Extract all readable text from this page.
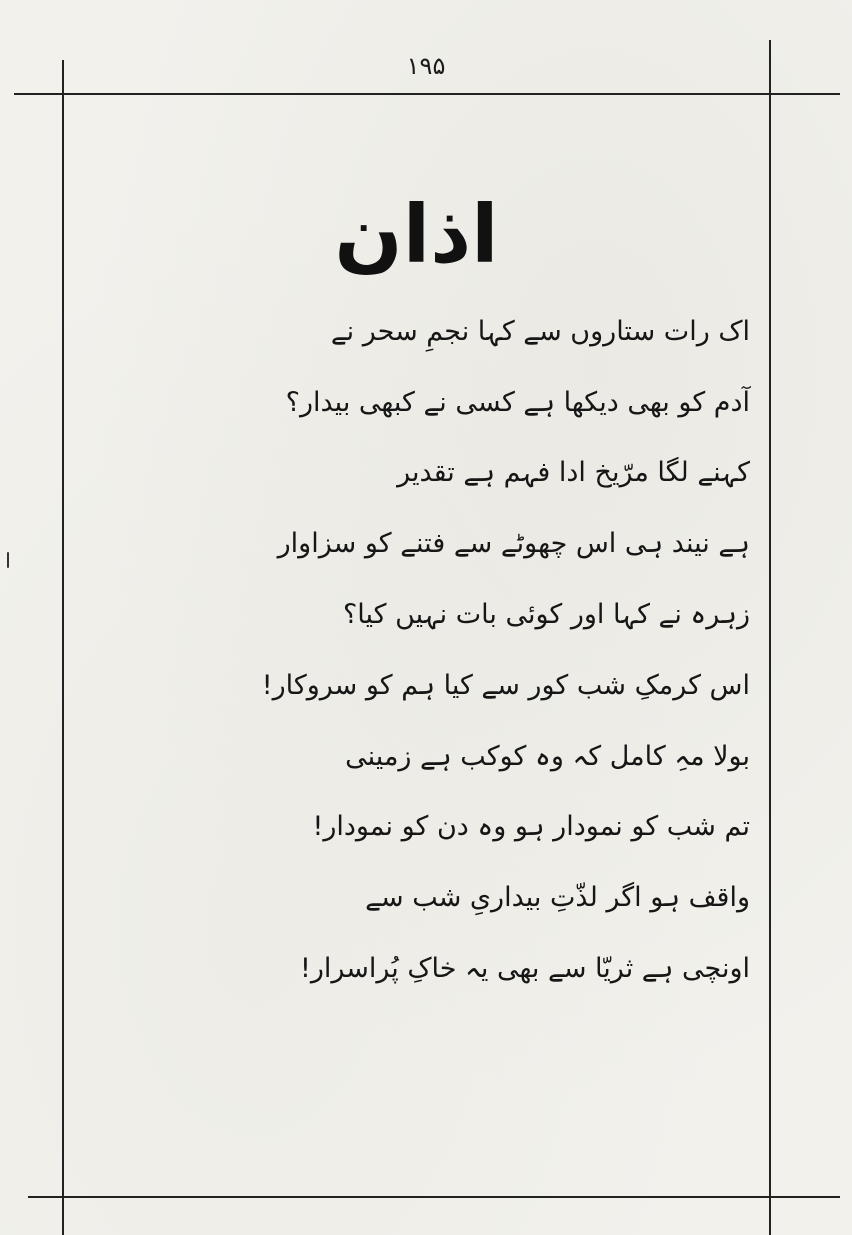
۱۹۵
اذان
اک رات ستاروں سے کہا نجمِ سحر نے
آدم کو بھی دیکھا ہے کسی نے کبھی بیدار؟
کہنے لگا مرّیخ ادا فہم ہے تقدیر
ہے نیند ہی اس چھوٹے سے فتنے کو سزاوار
زہرہ نے کہا اور کوئی بات نہیں کیا؟
اس کرمکِ شب کور سے کیا ہم کو سروکار!
بولا مہِ کامل کہ وہ کوکب ہے زمینی
تم شب کو نمودار ہو وہ دن کو نمودار!
واقف ہو اگر لذّتِ بیداریِ شب سے
اونچی ہے ثریّا سے بھی یہ خاکِ پُراسرار!
